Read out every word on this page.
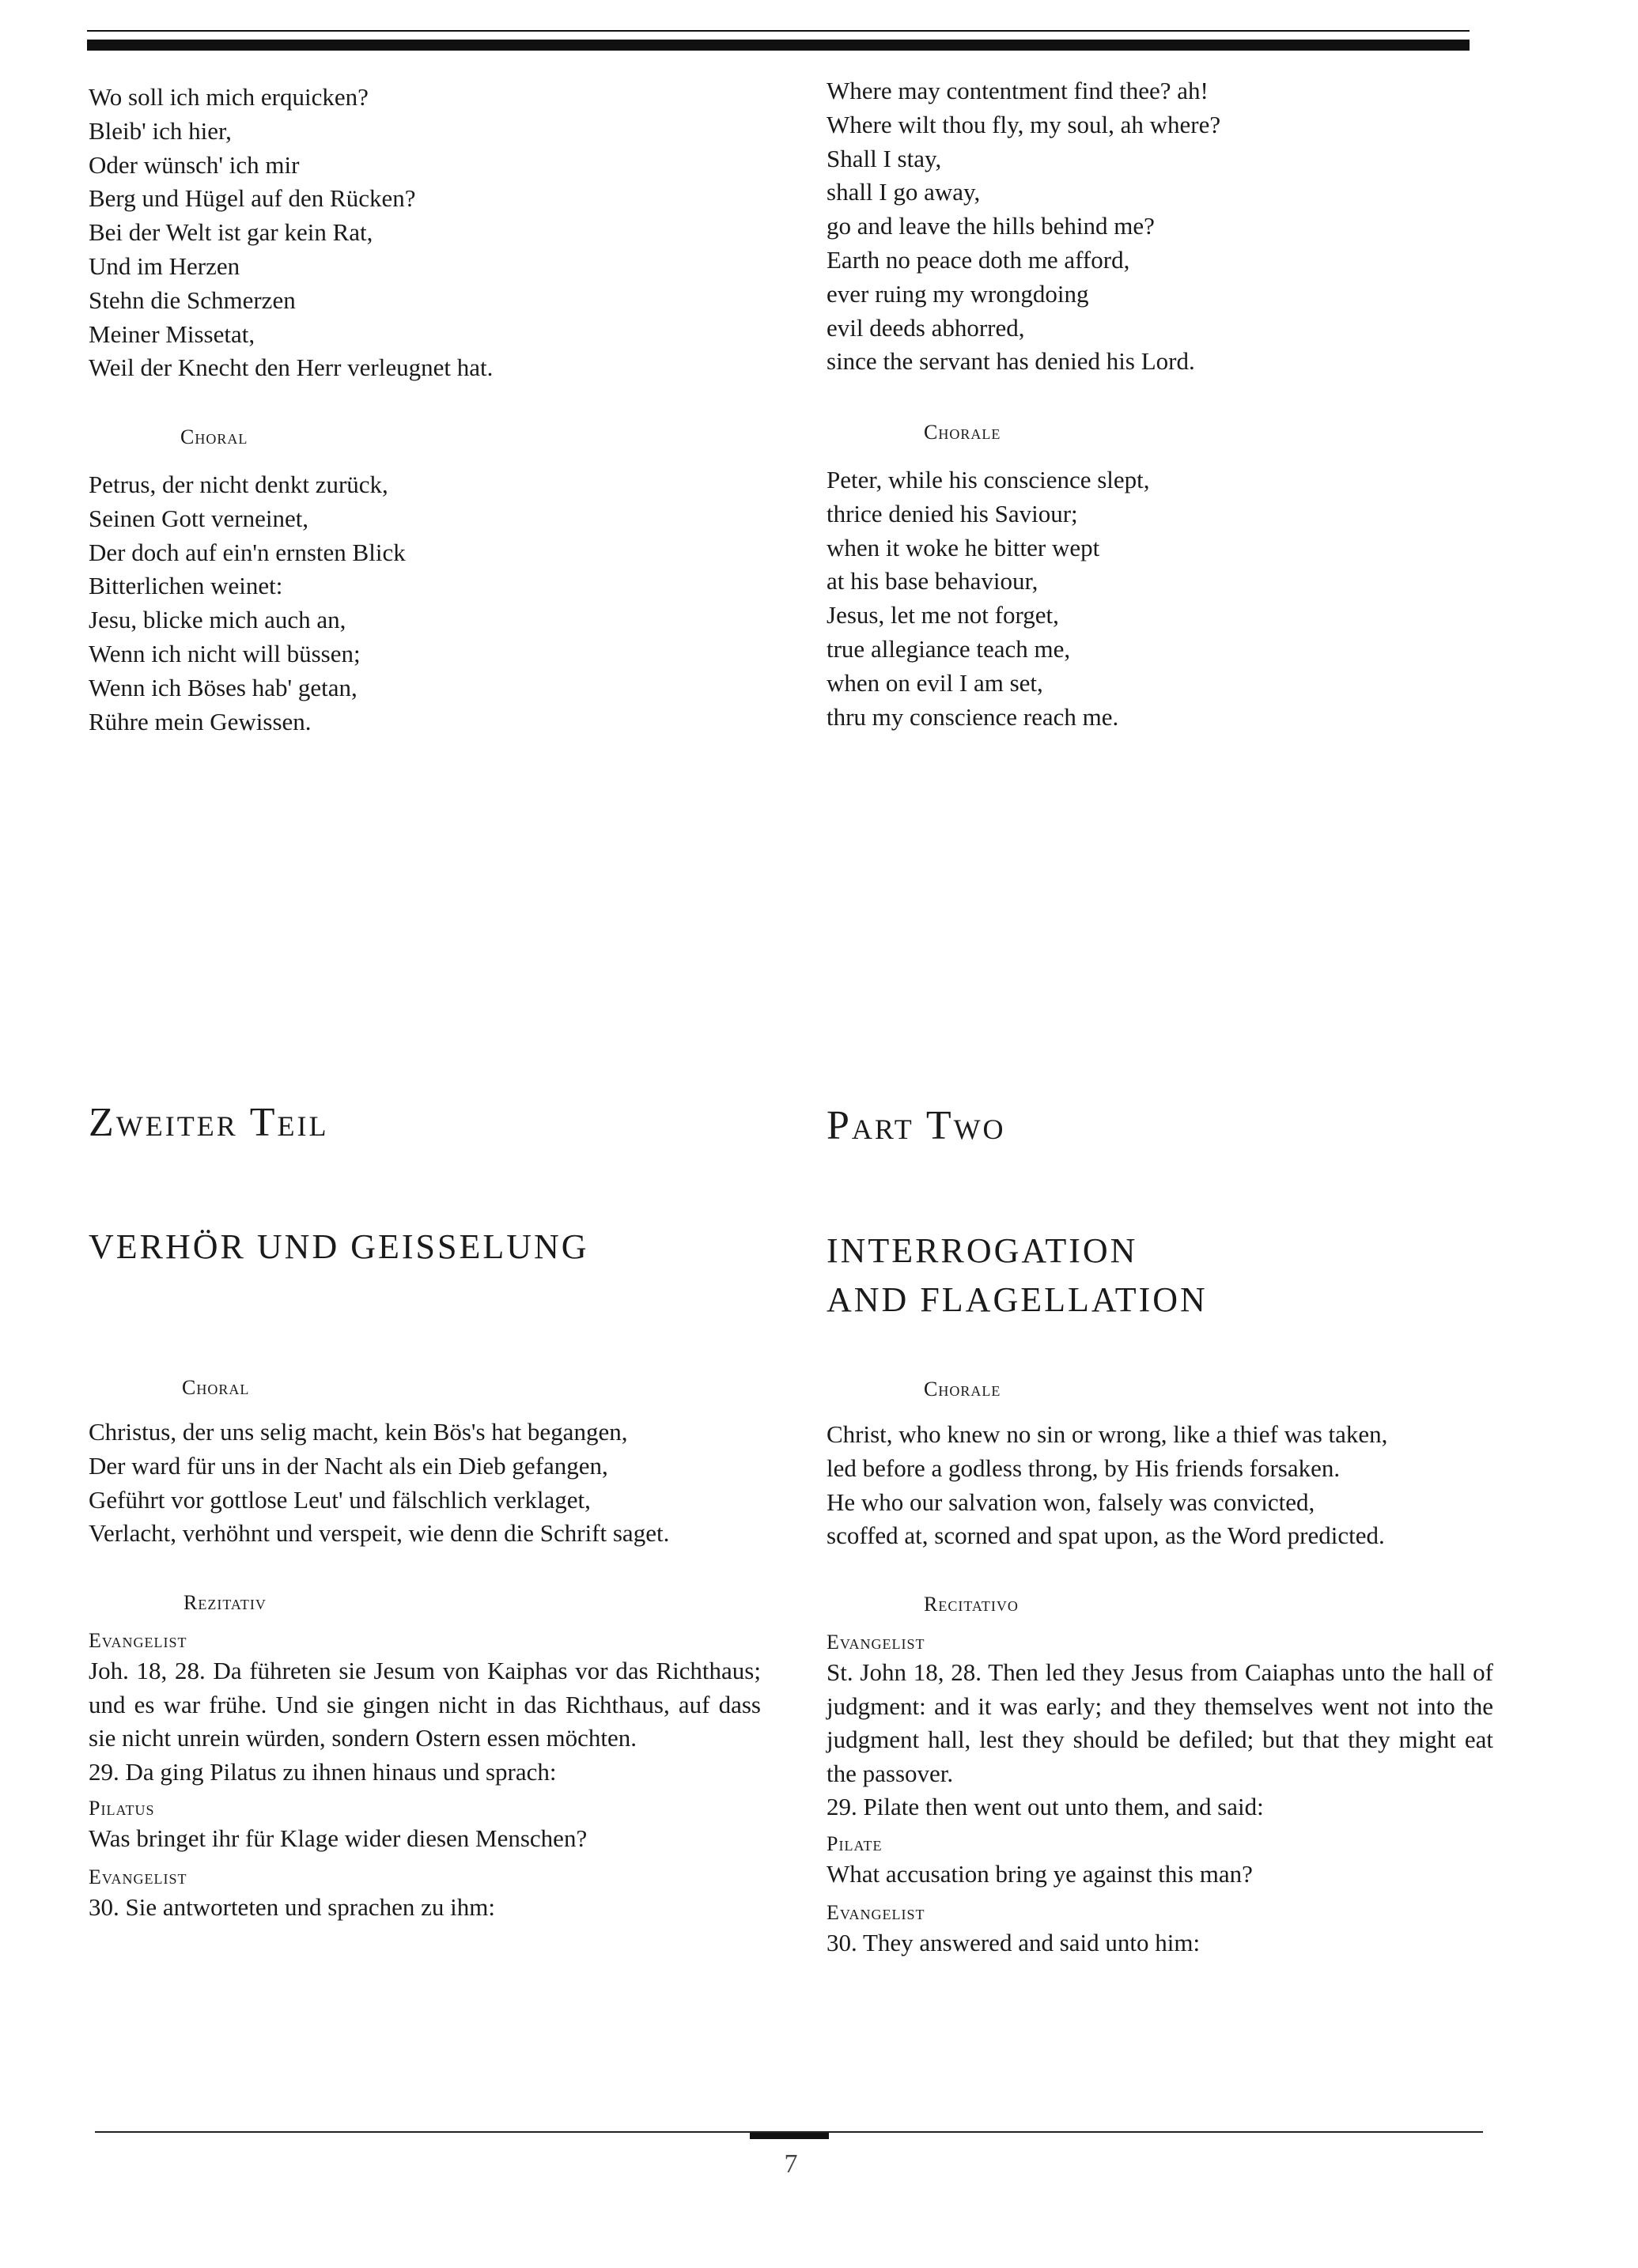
Wo soll ich mich erquicken?
Bleib' ich hier,
Oder wünsch' ich mir
Berg und Hügel auf den Rücken?
Bei der Welt ist gar kein Rat,
Und im Herzen
Stehn die Schmerzen
Meiner Missetat,
Weil der Knecht den Herr verleugnet hat.
Where may contentment find thee? ah!
Where wilt thou fly, my soul, ah where?
Shall I stay,
shall I go away,
go and leave the hills behind me?
Earth no peace doth me afford,
ever ruing my wrongdoing
evil deeds abhorred,
since the servant has denied his Lord.
Choral
Petrus, der nicht denkt zurück,
Seinen Gott verneinet,
Der doch auf ein'n ernsten Blick
Bitterlichen weinet:
Jesu, blicke mich auch an,
Wenn ich nicht will büssen;
Wenn ich Böses hab' getan,
Rühre mein Gewissen.
Chorale
Peter, while his conscience slept,
thrice denied his Saviour;
when it woke he bitter wept
at his base behaviour,
Jesus, let me not forget,
true allegiance teach me,
when on evil I am set,
thru my conscience reach me.
Zweiter Teil	Part Two
VERHÖR UND GEISSELUNG	INTERROGATION
AND FLAGELLATION
Choral
Christus, der uns selig macht, kein Bös's hat begangen,
Der ward für uns in der Nacht als ein Dieb gefangen,
Geführt vor gottlose Leut' und fälschlich verklaget,
Verlacht, verhöhnt und verspeit, wie denn die Schrift saget.
Chorale
Christ, who knew no sin or wrong, like a thief was taken,
led before a godless throng, by His friends forsaken.
He who our salvation won, falsely was convicted,
scoffed at, scorned and spat upon, as the Word predicted.
Rezitativ
Evangelist
Joh. 18, 28. Da führeten sie Jesum von Kaiphas vor das Richthaus; und es war frühe. Und sie gingen nicht in das Richthaus, auf dass sie nicht unrein würden, sondern Ostern essen möchten.
29. Da ging Pilatus zu ihnen hinaus und sprach:
Pilatus
Was bringet ihr für Klage wider diesen Menschen?
Evangelist
30. Sie antworteten und sprachen zu ihm:
Recitativo
Evangelist
St. John 18, 28. Then led they Jesus from Caiaphas unto the hall of judgment: and it was early; and they themselves went not into the judgment hall, lest they should be defiled; but that they might eat the passover.
29. Pilate then went out unto them, and said:
Pilate
What accusation bring ye against this man?
Evangelist
30. They answered and said unto him:
7
